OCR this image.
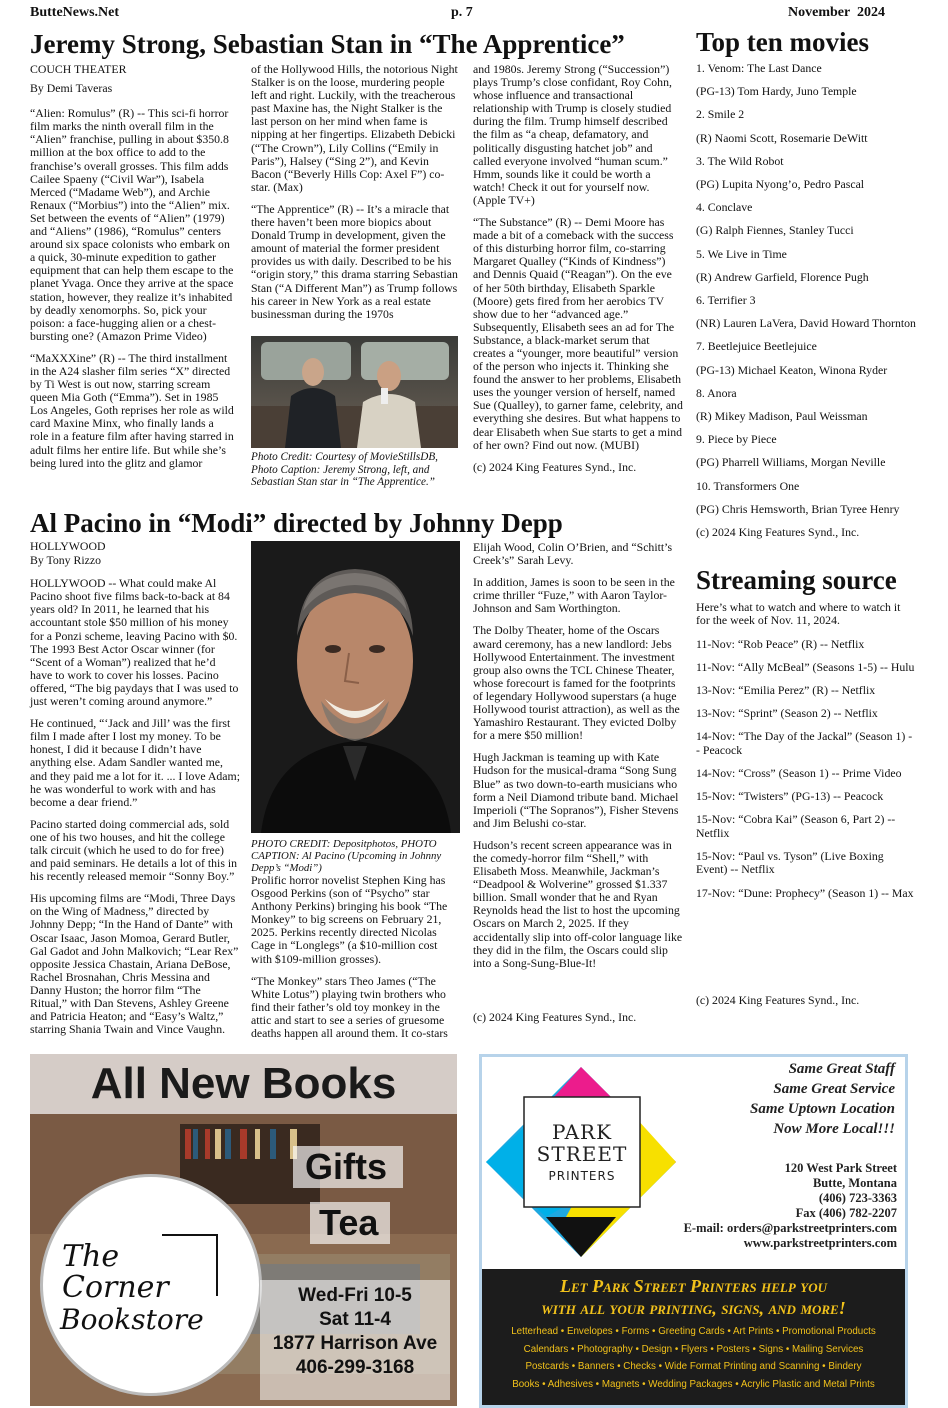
ButteNews.Net	p. 7	November  2024
Jeremy Strong, Sebastian Stan in “The Apprentice”

COUCH THEATER

By Demi Taveras

“Alien: Romulus” (R) -- This sci-fi horror film marks the ninth overall film in the “Alien” franchise, pulling in about $350.8 million at the box office to add to the franchise’s overall grosses. This film adds Cailee Spaeny (“Civil War”), Isabela Merced (“Madame Web”), and Archie Renaux (“Morbius”) into the “Alien” mix. Set between the events of “Alien” (1979) and “Aliens” (1986), “Romulus” centers around six space colonists who embark on a quick, 30-minute expedition to gather equipment that can help them escape to the planet Yvaga. Once they arrive at the space station, however, they realize it’s inhabited by deadly xenomorphs. So, pick your poison: a face-hugging alien or a chest-bursting one? (Amazon Prime Video)

“MaXXXine” (R) -- The third installment in the A24 slasher film series “X” directed by Ti West is out now, starring scream queen Mia Goth (“Emma”). Set in 1985 Los Angeles, Goth reprises her role as wild card Maxine Minx, who finally lands a role in a feature film after having starred in adult films her entire life. But while she’s being lured into the glitz and glamor

of the Hollywood Hills, the notorious Night Stalker is on the loose, murdering people left and right. Luckily, with the treacherous past Maxine has, the Night Stalker is the last person on her mind when fame is nipping at her fingertips. Elizabeth Debicki (“The Crown”), Lily Collins (“Emily in Paris”), Halsey (“Sing 2”), and Kevin Bacon (“Beverly Hills Cop: Axel F”) co-star. (Max)

“The Apprentice” (R) -- It’s a miracle that there haven’t been more biopics about Donald Trump in development, given the amount of material the former president provides us with daily. Described to be his “origin story,” this drama starring Sebastian Stan (“A Different Man”) as Trump follows his career in New York as a real estate businessman during the 1970s

Photo Credit: Courtesy of MovieStillsDB, Photo Caption: Jeremy Strong, left, and Sebastian Stan star in “The Apprentice.”

and 1980s. Jeremy Strong (“Succession”) plays Trump’s close confidant, Roy Cohn, whose influence and transactional relationship with Trump is closely studied during the film. Trump himself described the film as “a cheap, defamatory, and politically disgusting hatchet job” and called everyone involved “human scum.” Hmm, sounds like it could be worth a watch! Check it out for yourself now. (Apple TV+)

“The Substance” (R) -- Demi Moore has made a bit of a comeback with the success of this disturbing horror film, co-starring Margaret Qualley (“Kinds of Kindness”) and Dennis Quaid (“Reagan”). On the eve of her 50th birthday, Elisabeth Sparkle (Moore) gets fired from her aerobics TV show due to her “advanced age.” Subsequently, Elisabeth sees an ad for The Substance, a black-market serum that creates a “younger, more beautiful” version of the person who injects it. Thinking she found the answer to her problems, Elisabeth uses the younger version of herself, named Sue (Qualley), to garner fame, celebrity, and everything she desires. But what happens to dear Elisabeth when Sue starts to get a mind of her own? Find out now. (MUBI)

(c) 2024 King Features Synd., Inc.

Al Pacino in “Modi” directed by Johnny Depp

HOLLYWOOD

By Tony Rizzo

HOLLYWOOD -- What could make Al Pacino shoot five films back-to-back at 84 years old? In 2011, he learned that his accountant stole $50 million of his money for a Ponzi scheme, leaving Pacino with $0. The 1993 Best Actor Oscar winner (for “Scent of a Woman”) realized that he’d have to work to cover his losses. Pacino offered, “The big paydays that I was used to just weren’t coming around anymore.”

He continued, “‘Jack and Jill’ was the first film I made after I lost my money. To be honest, I did it because I didn’t have anything else. Adam Sandler wanted me, and they paid me a lot for it. ... I love Adam; he was wonderful to work with and has become a dear friend.”

Pacino started doing commercial ads, sold one of his two houses, and hit the college talk circuit (which he used to do for free) and paid seminars. He details a lot of this in his recently released memoir “Sonny Boy.”

His upcoming films are “Modi, Three Days on the Wing of Madness,” directed by Johnny Depp; “In the Hand of Dante” with Oscar Isaac, Jason Momoa, Gerard Butler, Gal Gadot and John Malkovich; “Lear Rex” opposite Jessica Chastain, Ariana DeBose, Rachel Brosnahan, Chris Messina and Danny Huston; the horror film “The Ritual,” with Dan Stevens, Ashley Greene and Patricia Heaton; and “Easy’s Waltz,” starring Shania Twain and Vince Vaughn.

PHOTO CREDIT: Depositphotos, PHOTO CAPTION: Al Pacino (Upcoming in Johnny Depp’s “Modi”)

Prolific horror novelist Stephen King has Osgood Perkins (son of “Psycho” star Anthony Perkins) bringing his book “The Monkey” to big screens on February 21, 2025. Perkins recently directed Nicolas Cage in “Longlegs” (a $10-million cost with $109-million grosses).

“The Monkey” stars Theo James (“The White Lotus”) playing twin brothers who find their father’s old toy monkey in the attic and start to see a series of gruesome deaths happen all around them. It co-stars

Elijah Wood, Colin O’Brien, and “Schitt’s Creek’s” Sarah Levy.

In addition, James is soon to be seen in the crime thriller “Fuze,” with Aaron Taylor-Johnson and Sam Worthington.

The Dolby Theater, home of the Oscars award ceremony, has a new landlord: Jebs Hollywood Entertainment. The investment group also owns the TCL Chinese Theater, whose forecourt is famed for the footprints of legendary Hollywood superstars (a huge Hollywood tourist attraction), as well as the Yamashiro Restaurant. They evicted Dolby for a mere $50 million!

Hugh Jackman is teaming up with Kate Hudson for the musical-drama “Song Sung Blue” as two down-to-earth musicians who form a Neil Diamond tribute band. Michael Imperioli (“The Sopranos”), Fisher Stevens and Jim Belushi co-star.

Hudson’s recent screen appearance was in the comedy-horror film “Shell,” with Elisabeth Moss. Meanwhile, Jackman’s “Deadpool & Wolverine” grossed $1.337 billion. Small wonder that he and Ryan Reynolds head the list to host the upcoming Oscars on March 2, 2025. If they accidentally slip into off-color language like they did in the film, the Oscars could slip into a Song-Sung-Blue-It!

(c) 2024 King Features Synd., Inc.
Top ten movies

1. Venom: The Last Dance

(PG-13) Tom Hardy, Juno Temple

2. Smile 2

(R) Naomi Scott, Rosemarie DeWitt

3. The Wild Robot

(PG) Lupita Nyong’o, Pedro Pascal

4. Conclave

(G) Ralph Fiennes, Stanley Tucci

5. We Live in Time

(R) Andrew Garfield, Florence Pugh

6. Terrifier 3

(NR) Lauren LaVera, David Howard Thornton

7. Beetlejuice Beetlejuice

(PG-13) Michael Keaton, Winona Ryder

8. Anora

(R) Mikey Madison, Paul Weissman

9. Piece by Piece

(PG) Pharrell Williams, Morgan Neville

10. Transformers One

(PG) Chris Hemsworth, Brian Tyree Henry

(c) 2024 King Features Synd., Inc.

Streaming source

Here’s what to watch and where to watch it for the week of Nov. 11, 2024.

11-Nov: “Rob Peace” (R) -- Netflix

11-Nov: “Ally McBeal” (Seasons 1-5) -- Hulu

13-Nov: “Emilia Perez” (R) -- Netflix

13-Nov: “Sprint” (Season 2) -- Netflix

14-Nov: “The Day of the Jackal” (Season 1) -- Peacock

14-Nov: “Cross” (Season 1) -- Prime Video

15-Nov: “Twisters” (PG-13) -- Peacock

15-Nov: “Cobra Kai” (Season 6, Part 2) -- Netflix

15-Nov: “Paul vs. Tyson” (Live Boxing Event) -- Netflix

17-Nov: “Dune: Prophecy” (Season 1) -- Max

(c) 2024 King Features Synd., Inc.
All New Books
Gifts
Tea
The
Corner
Bookstore
Wed-Fri 10-5
Sat 11-4
1877 Harrison Ave
406-299-3168
PARK
STREET
PRINTERS
Same Great Staff
Same Great Service
Same Uptown Location
Now More Local!!!
120 West Park Street
Butte, Montana
(406) 723-3363
Fax (406) 782-2207
E-mail: orders@parkstreetprinters.com
www.parkstreetprinters.com
Let Park Street Printers help you
with all your printing, signs, and more!
Letterhead • Envelopes • Forms • Greeting Cards • Art Prints • Promotional Products
Calendars • Photography • Design • Flyers • Posters • Signs • Mailing Services
Postcards • Banners • Checks • Wide Format Printing and Scanning • Bindery
Books • Adhesives • Magnets • Wedding Packages • Acrylic Plastic and Metal Prints
